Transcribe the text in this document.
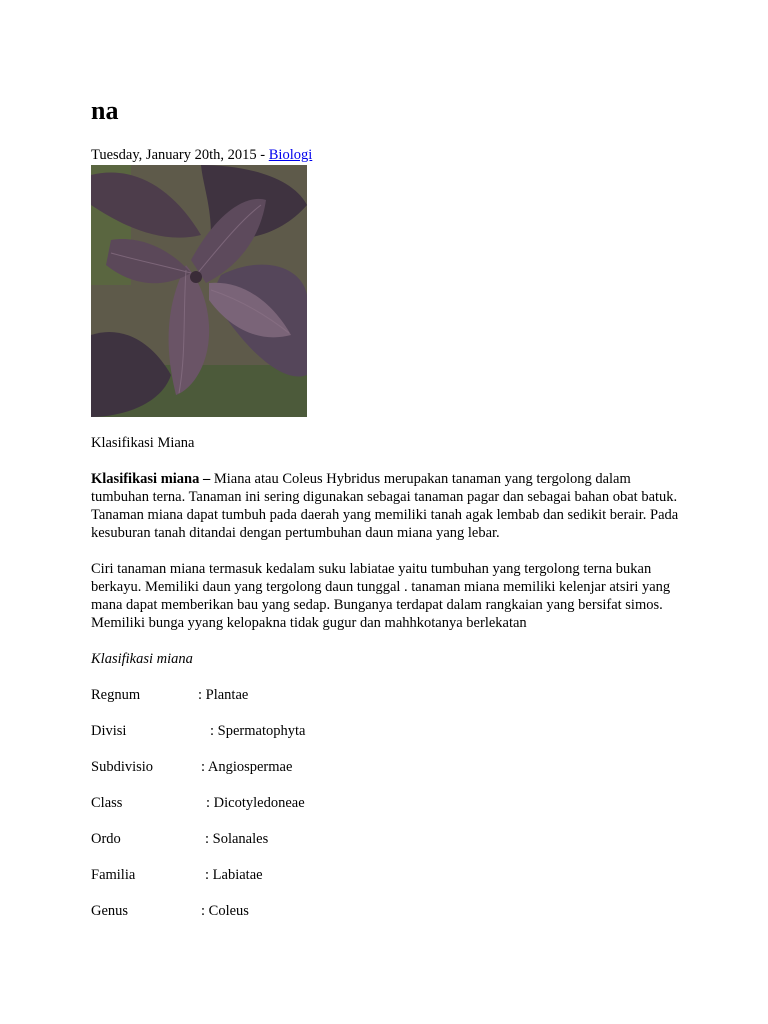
na
Tuesday, January 20th, 2015 - Biologi
Klasifikasi Miana

Klasifikasi miana – Miana atau Coleus Hybridus merupakan tanaman yang tergolong dalam tumbuhan terna. Tanaman ini sering digunakan sebagai tanaman pagar dan sebagai bahan obat batuk. Tanaman miana dapat tumbuh pada daerah yang memiliki tanah agak lembab dan sedikit berair. Pada kesuburan tanah ditandai dengan pertumbuhan daun miana yang lebar.

Ciri tanaman miana termasuk kedalam suku labiatae yaitu tumbuhan yang tergolong terna bukan berkayu. Memiliki daun yang tergolong daun tunggal . tanaman miana memiliki kelenjar atsiri yang mana dapat memberikan bau yang sedap. Bunganya terdapat dalam rangkaian yang bersifat simos. Memiliki bunga yyang kelopakna tidak gugur dan mahhkotanya berlekatan

Klasifikasi miana
Regnum	: Plantae
Divisi	: Spermatophyta
Subdivisio	: Angiospermae
Class	: Dicotyledoneae
Ordo	: Solanales
Familia	: Labiatae
Genus	: Coleus
